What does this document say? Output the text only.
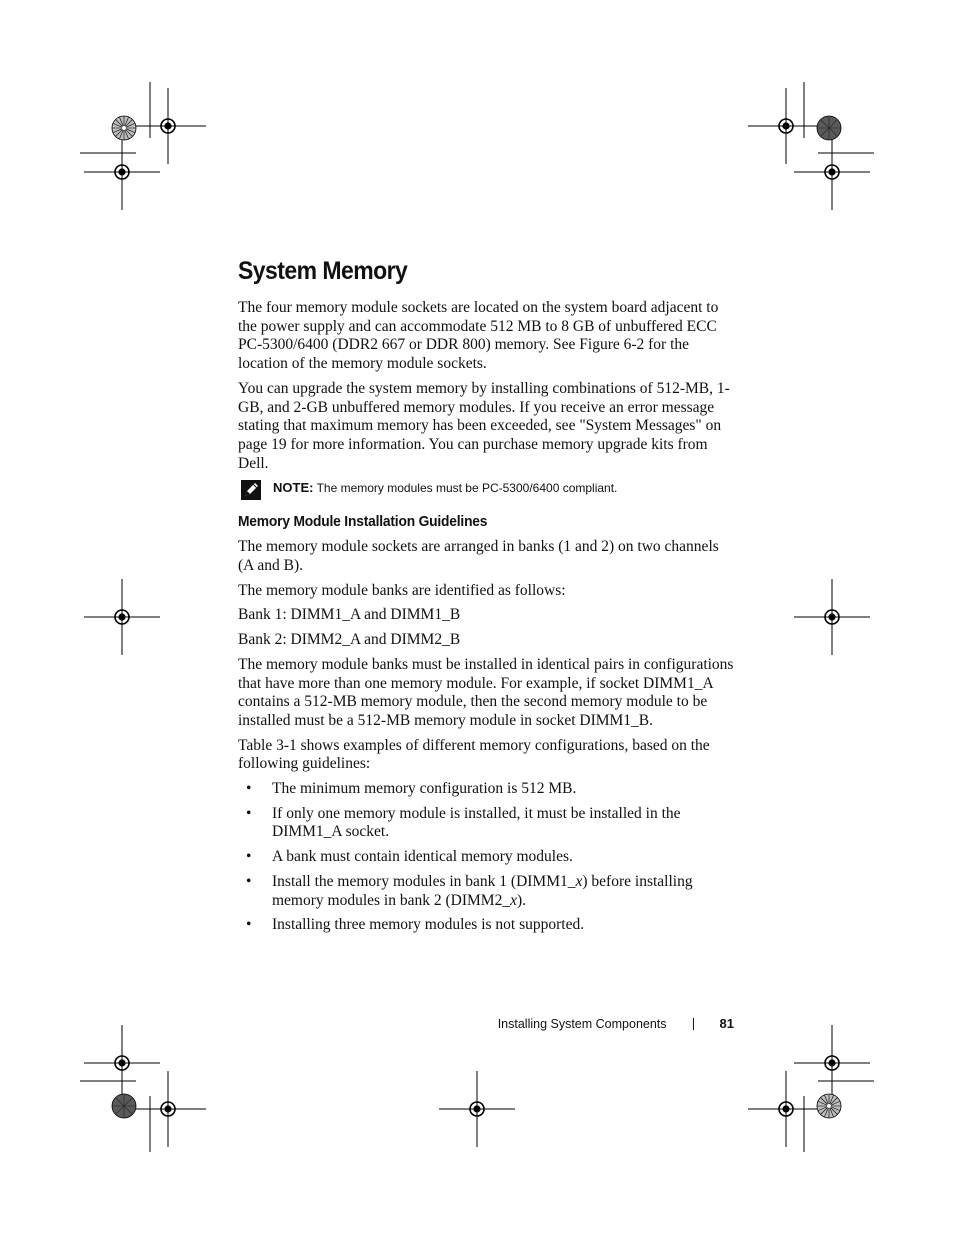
System Memory

The four memory module sockets are located on the system board adjacent to the power supply and can accommodate 512 MB to 8 GB of unbuffered ECC PC-5300/6400 (DDR2 667 or DDR 800) memory. See Figure 6-2 for the location of the memory module sockets.

You can upgrade the system memory by installing combinations of 512-MB, 1-GB, and 2-GB unbuffered memory modules. If you receive an error message stating that maximum memory has been exceeded, see "System Messages" on page 19 for more information. You can purchase memory upgrade kits from Dell.

NOTE: The memory modules must be PC-5300/6400 compliant.
Memory Module Installation Guidelines

The memory module sockets are arranged in banks (1 and 2) on two channels (A and B).

The memory module banks are identified as follows:

Bank 1: DIMM1_A and DIMM1_B

Bank 2: DIMM2_A and DIMM2_B

The memory module banks must be installed in identical pairs in configurations that have more than one memory module. For example, if socket DIMM1_A contains a 512-MB memory module, then the second memory module to be installed must be a 512-MB memory module in socket DIMM1_B.

Table 3-1 shows examples of different memory configurations, based on the following guidelines:

• The minimum memory configuration is 512 MB.
• If only one memory module is installed, it must be installed in the DIMM1_A socket.
• A bank must contain identical memory modules.
• Install the memory modules in bank 1 (DIMM1_x) before installing memory modules in bank 2 (DIMM2_x).
• Installing three memory modules is not supported.
Installing System Components	81
